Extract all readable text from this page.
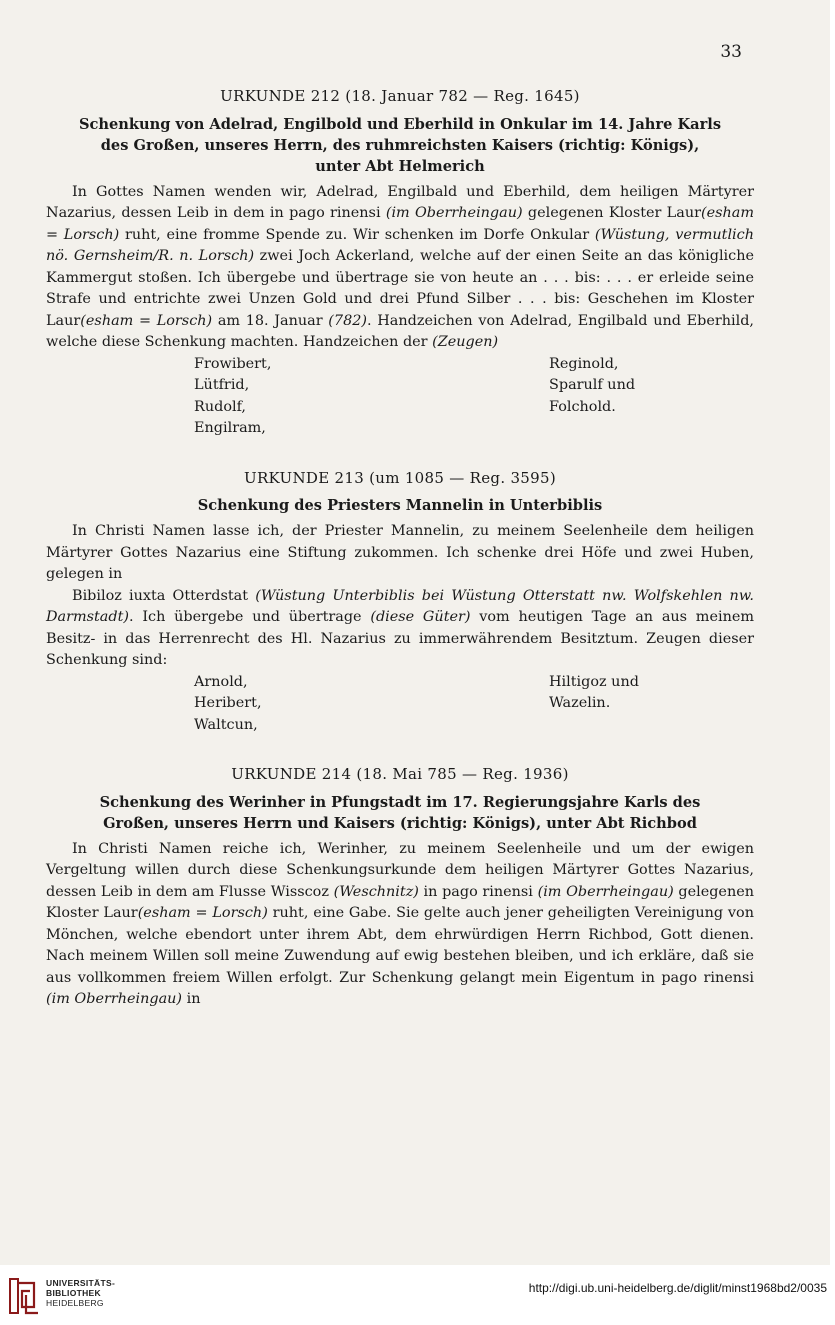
33
URKUNDE 212 (18. Januar 782 — Reg. 1645)
Schenkung von Adelrad, Engilbold und Eberhild in Onkular im 14. Jahre Karls des Großen, unseres Herrn, des ruhmreichsten Kaisers (richtig: Königs), unter Abt Helmerich

In Gottes Namen wenden wir, Adelrad, Engilbald und Eberhild, dem heiligen Märtyrer Nazarius, dessen Leib in dem in pago rinensi (im Oberrheingau) gelegenen Kloster Laur(esham = Lorsch) ruht, eine fromme Spende zu. Wir schenken im Dorfe Onkular (Wüstung, vermutlich nö. Gernsheim/R. n. Lorsch) zwei Joch Ackerland, welche auf der einen Seite an das königliche Kammergut stoßen. Ich übergebe und übertrage sie von heute an . . . bis: . . . er erleide seine Strafe und entrichte zwei Unzen Gold und drei Pfund Silber . . . bis: Geschehen im Kloster Laur(esham = Lorsch) am 18. Januar (782). Handzeichen von Adelrad, Engilbald und Eberhild, welche diese Schenkung machten. Handzeichen der (Zeugen)

Frowibert,	Reginold,
Lütfrid,	Sparulf und
Rudolf,	Folchold.
Engilram,
URKUNDE 213 (um 1085 — Reg. 3595)
Schenkung des Priesters Mannelin in Unterbiblis

In Christi Namen lasse ich, der Priester Mannelin, zu meinem Seelenheile dem heiligen Märtyrer Gottes Nazarius eine Stiftung zukommen. Ich schenke drei Höfe und zwei Huben, gelegen in

Bibiloz iuxta Otterdstat (Wüstung Unterbiblis bei Wüstung Otterstatt nw. Wolfskehlen nw. Darmstadt). Ich übergebe und übertrage (diese Güter) vom heutigen Tage an aus meinem Besitz- in das Herrenrecht des Hl. Nazarius zu immerwährendem Besitztum. Zeugen dieser Schenkung sind:

Arnold,	Hiltigoz und
Heribert,	Wazelin.
Waltcun,
URKUNDE 214 (18. Mai 785 — Reg. 1936)
Schenkung des Werinher in Pfungstadt im 17. Regierungsjahre Karls des Großen, unseres Herrn und Kaisers (richtig: Königs), unter Abt Richbod

In Christi Namen reiche ich, Werinher, zu meinem Seelenheile und um der ewigen Vergeltung willen durch diese Schenkungsurkunde dem heiligen Märtyrer Gottes Nazarius, dessen Leib in dem am Flusse Wisscoz (Weschnitz) in pago rinensi (im Oberrheingau) gelegenen Kloster Laur(esham = Lorsch) ruht, eine Gabe. Sie gelte auch jener geheiligten Vereinigung von Mönchen, welche ebendort unter ihrem Abt, dem ehrwürdigen Herrn Richbod, Gott dienen. Nach meinem Willen soll meine Zuwendung auf ewig bestehen bleiben, und ich erkläre, daß sie aus vollkommen freiem Willen erfolgt. Zur Schenkung gelangt mein Eigentum in pago rinensi (im Oberrheingau) in

UNIVERSITÄTS-
BIBLIOTHEK
HEIDELBERG
http://digi.ub.uni-heidelberg.de/diglit/minst1968bd2/0035
